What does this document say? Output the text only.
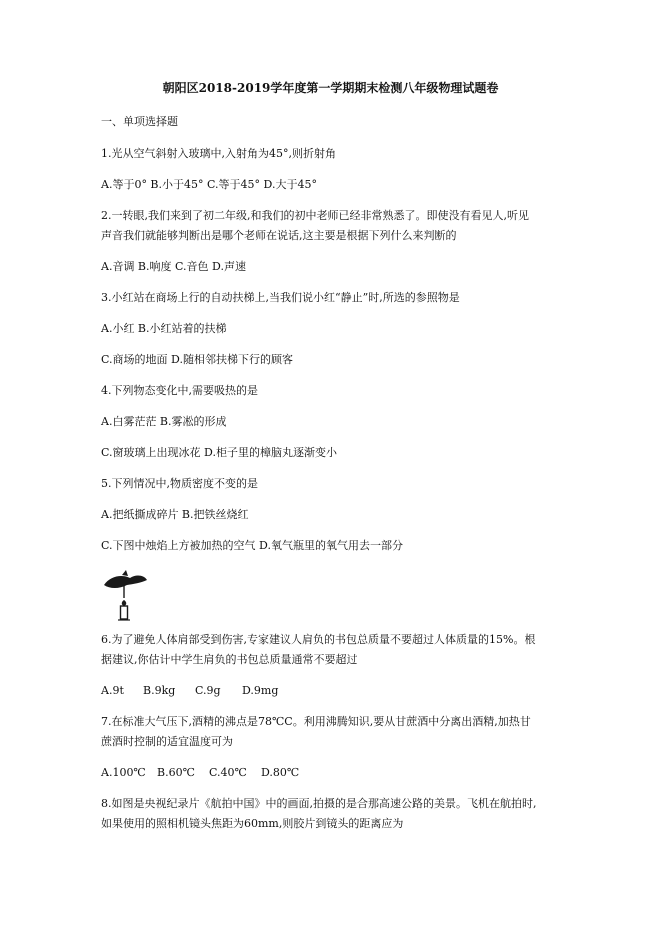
朝阳区2018-2019学年度第一学期期末检测八年级物理试题卷
一、单项选择题
1.光从空气斜射入玻璃中,入射角为45°,则折射角
A.等于0° B.小于45° C.等于45° D.大于45°
2.一转眼,我们来到了初二年级,和我们的初中老师已经非常熟悉了。即使没有看见人,听见
声音我们就能够判断出是哪个老师在说话,这主要是根据下列什么来判断的
A.音调 B.响度 C.音色 D.声速
3.小红站在商场上行的自动扶梯上,当我们说小红“静止”时,所选的参照物是
A.小红 B.小红站着的扶梯
C.商场的地面 D.随相邻扶梯下行的顾客
4.下列物态变化中,需要吸热的是
A.白雾茫茫 B.雾凇的形成
C.窗玻璃上出现冰花 D.柜子里的樟脑丸逐渐变小
5.下列情况中,物质密度不变的是
A.把纸撕成碎片 B.把铁丝烧红
C.下图中烛焰上方被加热的空气 D.氧气瓶里的氧气用去一部分
6.为了避免人体肩部受到伤害,专家建议人肩负的书包总质量不要超过人体质量的15%。根
据建议,你估计中学生肩负的书包总质量通常不要超过
A.9t B.9kg C.9g D.9mg
7.在标准大气压下,酒精的沸点是78℃C。利用沸腾知识,要从甘蔗酒中分离出酒精,加热甘
蔗酒时控制的适宜温度可为
A.100℃ B.60℃ C.40℃ D.80℃
8.如图是央视纪录片《航拍中国》中的画面,拍摄的是合那高速公路的美景。飞机在航拍时,
如果使用的照相机镜头焦距为60mm,则胶片到镜头的距离应为
